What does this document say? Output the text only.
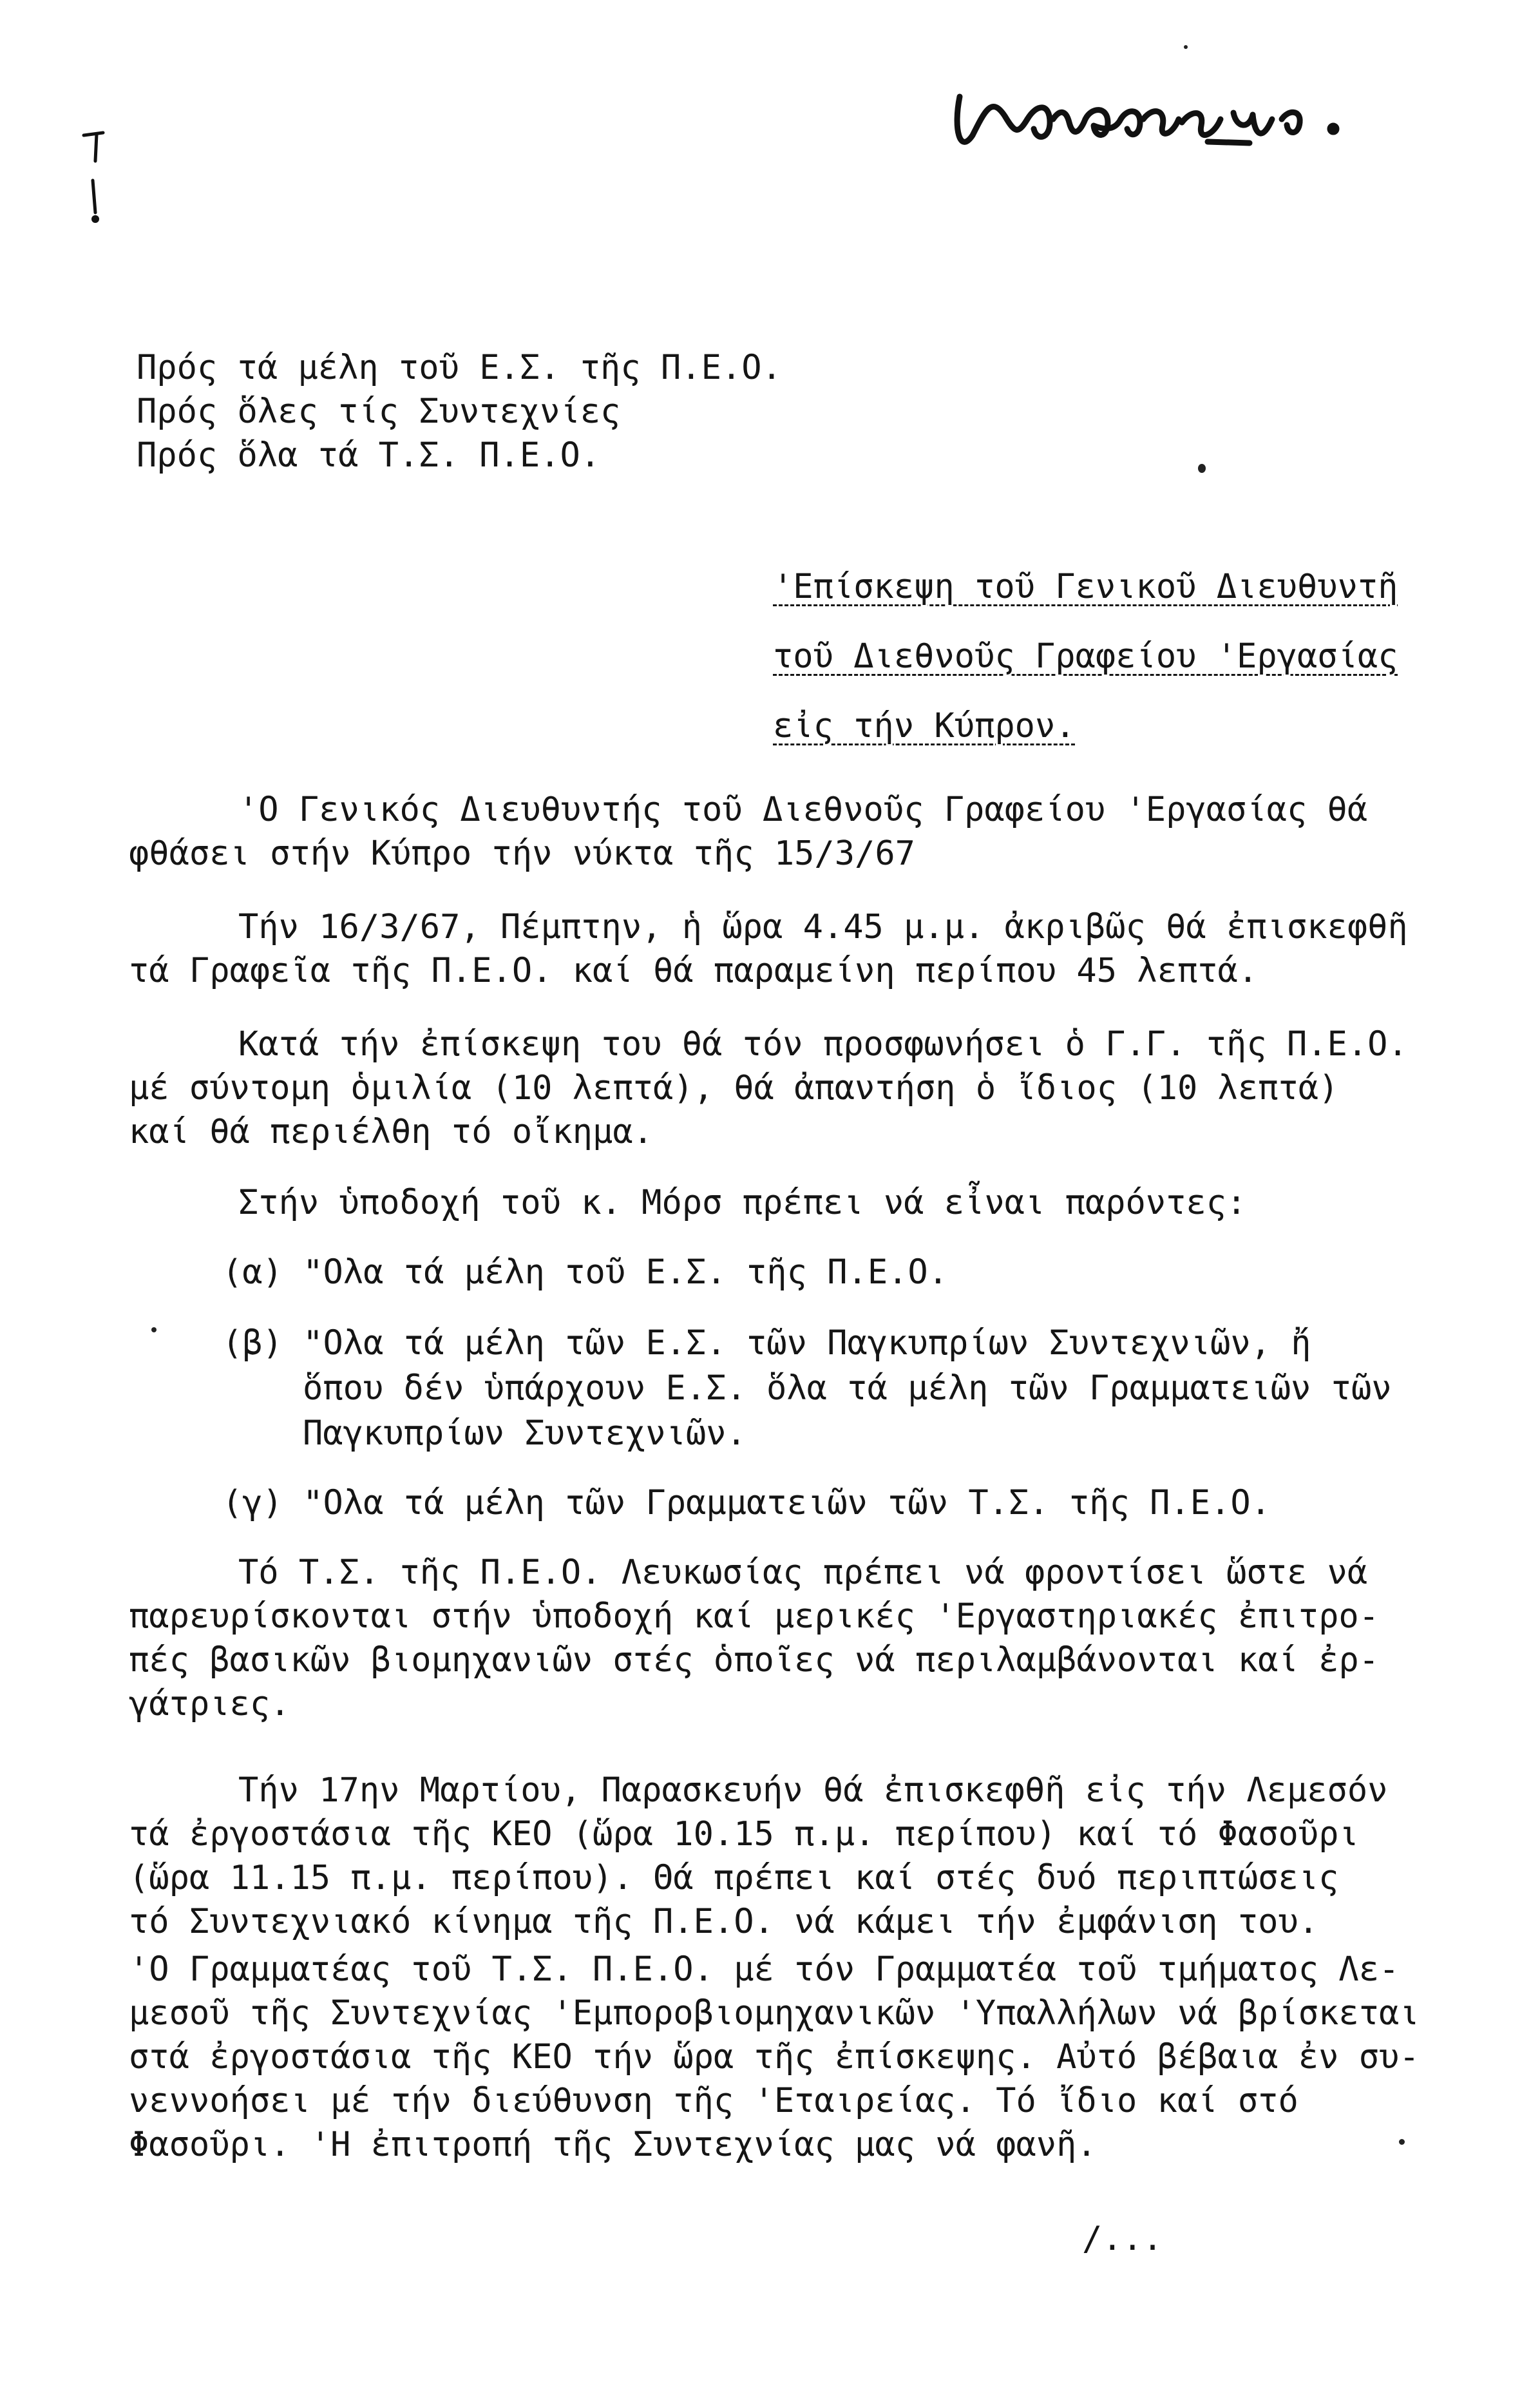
Πρός τά μέλη τοῦ Ε.Σ. τῆς Π.Ε.Ο.

Πρός ὅλες τίς Συντεχνίες

Πρός ὅλα τά Τ.Σ. Π.Ε.Ο.

'Επίσκεψη τοῦ Γενικοῦ Διευθυντῆ

τοῦ Διεθνοῦς Γραφείου 'Εργασίας

εἰς τήν Κύπρον.

'Ο Γενικός Διευθυντής τοῦ Διεθνοῦς Γραφείου 'Εργασίας θά

φθάσει στήν Κύπρο τήν νύκτα τῆς 15/3/67

Τήν 16/3/67, Πέμπτην, ἡ ὥρα 4.45 μ.μ. ἀκριβῶς θά ἐπισκεφθῆ

τά Γραφεῖα τῆς Π.Ε.Ο. καί θά παραμείνη περίπου 45 λεπτά.

Κατά τήν ἐπίσκεψη του θά τόν προσφωνήσει ὁ Γ.Γ. τῆς Π.Ε.Ο.

μέ σύντομη ὁμιλία (10 λεπτά), θά ἀπαντήση ὁ ἴδιος (10 λεπτά)

καί θά περιέλθη τό οἴκημα.

Στήν ὑποδοχή τοῦ κ. Μόρσ πρέπει νά εἶναι παρόντες:

(α) "Ολα τά μέλη τοῦ Ε.Σ. τῆς Π.Ε.Ο.

(β) "Ολα τά μέλη τῶν Ε.Σ. τῶν Παγκυπρίων Συντεχνιῶν, ἤ

ὅπου δέν ὑπάρχουν Ε.Σ. ὅλα τά μέλη τῶν Γραμματειῶν τῶν

Παγκυπρίων Συντεχνιῶν.

(γ) "Ολα τά μέλη τῶν Γραμματειῶν τῶν Τ.Σ. τῆς Π.Ε.Ο.

Τό Τ.Σ. τῆς Π.Ε.Ο. Λευκωσίας πρέπει νά φροντίσει ὥστε νά

παρευρίσκονται στήν ὑποδοχή καί μερικές 'Εργαστηριακές ἐπιτρο-

πές βασικῶν βιομηχανιῶν στές ὁποῖες νά περιλαμβάνονται καί ἐρ-

γάτριες.

Τήν 17ην Μαρτίου, Παρασκευήν θά ἐπισκεφθῆ εἰς τήν Λεμεσόν

τά ἐργοστάσια τῆς ΚΕΟ (ὥρα 10.15 π.μ. περίπου) καί τό Φασοῦρι

(ὥρα 11.15 π.μ. περίπου). Θά πρέπει καί στές δυό περιπτώσεις

τό Συντεχνιακό κίνημα τῆς Π.Ε.Ο. νά κάμει τήν ἐμφάνιση του.

'Ο Γραμματέας τοῦ Τ.Σ. Π.Ε.Ο. μέ τόν Γραμματέα τοῦ τμήματος Λε-

μεσοῦ τῆς Συντεχνίας 'Εμποροβιομηχανικῶν 'Υπαλλήλων νά βρίσκεται

στά ἐργοστάσια τῆς ΚΕΟ τήν ὥρα τῆς ἐπίσκεψης. Αὐτό βέβαια ἐν συ-

νεννοήσει μέ τήν διεύθυνση τῆς 'Εταιρείας. Τό ἴδιο καί στό

Φασοῦρι. 'Η ἐπιτροπή τῆς Συντεχνίας μας νά φανῆ.

/...
